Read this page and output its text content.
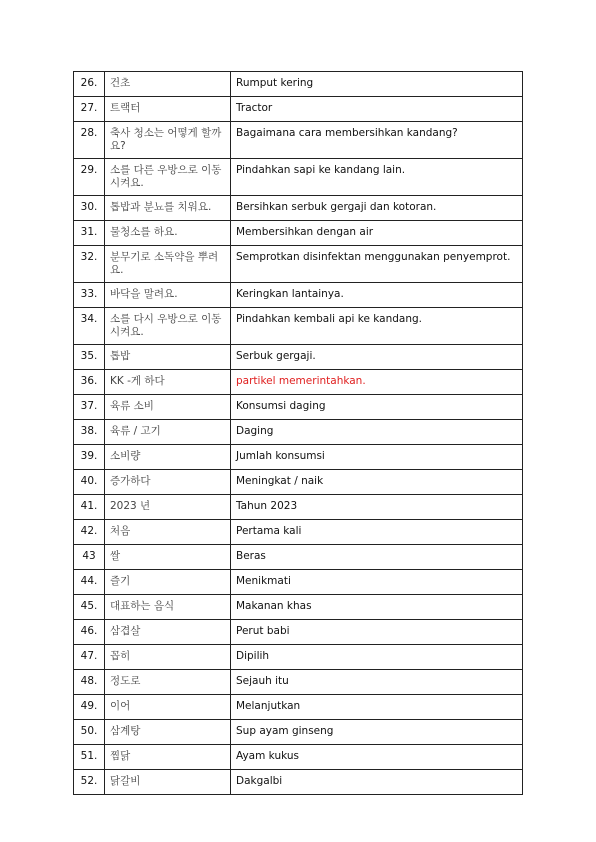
26.	건초	Rumput kering
27.	트랙터	Tractor
28.	축사 청소는 어떻게 할까요?	Bagaimana cara membersihkan kandang?
29.	소를 다른 우방으로 이동시켜요.	Pindahkan sapi ke kandang lain.
30.	톱밥과 분뇨를 치워요.	Bersihkan serbuk gergaji dan kotoran.
31.	물청소를 하요.	Membersihkan dengan air
32.	분무기로 소독약을 뿌려요.	Semprotkan disinfektan menggunakan penyemprot.
33.	바닥을 말려요.	Keringkan lantainya.
34.	소를 다시 우방으로 이동시켜요.	Pindahkan kembali api ke kandang.
35.	톱밥	Serbuk gergaji.
36.	KK -게 하다	partikel memerintahkan.
37.	육류 소비	Konsumsi daging
38.	육류 / 고기	Daging
39.	소비량	Jumlah konsumsi
40.	증가하다	Meningkat / naik
41.	2023 년	Tahun 2023
42.	처음	Pertama kali
43	쌀	Beras
44.	즐기	Menikmati
45.	대표하는 음식	Makanan khas
46.	삼겹살	Perut babi
47.	꼽히	Dipilih
48.	정도로	Sejauh itu
49.	이어	Melanjutkan
50.	삼계탕	Sup ayam ginseng
51.	찜닭	Ayam kukus
52.	닭갈비	Dakgalbi
